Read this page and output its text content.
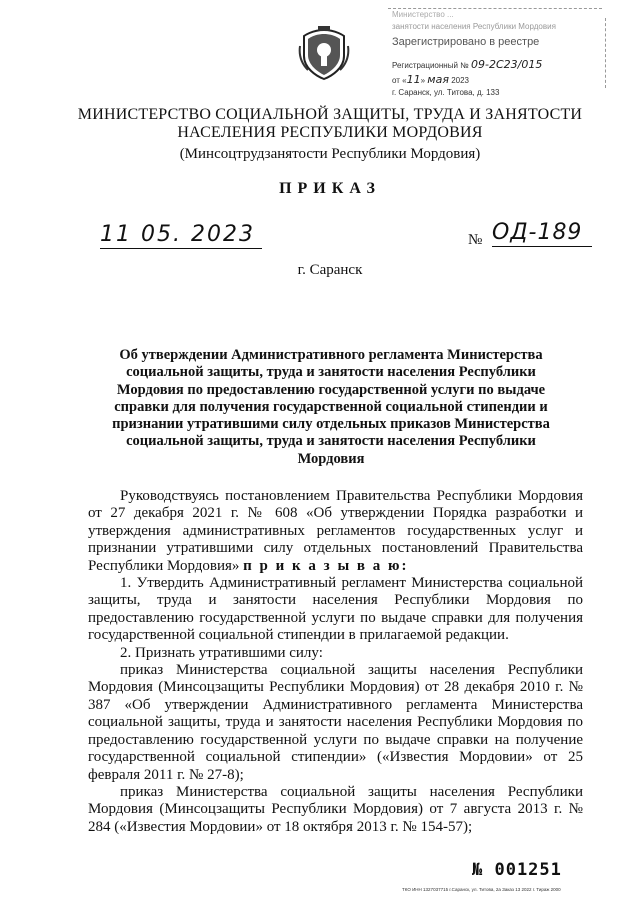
Министерство ...
занятости населения Республики Мордовия
Зарегистрировано в реестре
Регистрационный № 09-2С23/015
от «11» мая 2023
г. Саранск, ул. Титова, д. 133
МИНИСТЕРСТВО СОЦИАЛЬНОЙ ЗАЩИТЫ, ТРУДА И ЗАНЯТОСТИ
НАСЕЛЕНИЯ РЕСПУБЛИКИ МОРДОВИЯ
(Минсоцтрудзанятости Республики Мордовия)
ПРИКАЗ
11 05. 2023	№ ОД-189
г. Саранск
Об утверждении Административного регламента Министерства социальной защиты, труда и занятости населения Республики Мордовия по предоставлению государственной услуги по выдаче справки для получения государственной социальной стипендии и признании утратившими силу отдельных приказов Министерства социальной защиты, труда и занятости населения Республики Мордовия

Руководствуясь постановлением Правительства Республики Мордовия от 27 декабря 2021 г. № 608 «Об утверждении Порядка разработки и утверждения административных регламентов государственных услуг и признании утратившими силу отдельных постановлений Правительства Республики Мордовия» п р и к а з ы в а ю:

1. Утвердить Административный регламент Министерства социальной защиты, труда и занятости населения Республики Мордовия по предоставлению государственной услуги по выдаче справки для получения государственной социальной стипендии в прилагаемой редакции.

2. Признать утратившими силу:

приказ Министерства социальной защиты населения Республики Мордовия (Минсоцзащиты Республики Мордовия) от 28 декабря 2010 г. № 387 «Об утверждении Административного регламента Министерства социальной защиты, труда и занятости населения Республики Мордовия по предоставлению государственной услуги по выдаче справки на получение государственной социальной стипендии» («Известия Мордовии» от 25 февраля 2011 г. № 27-8);

приказ Министерства социальной защиты населения Республики Мордовия (Минсоцзащиты Республики Мордовия) от 7 августа 2013 г. № 284 («Известия Мордовии» от 18 октября 2013 г. № 154-57);

№ 001251
ТКО ИНН 1327037715 г.Саранск, ул. Титова, 2а Заказ 13 2022 г. Тираж 2000
